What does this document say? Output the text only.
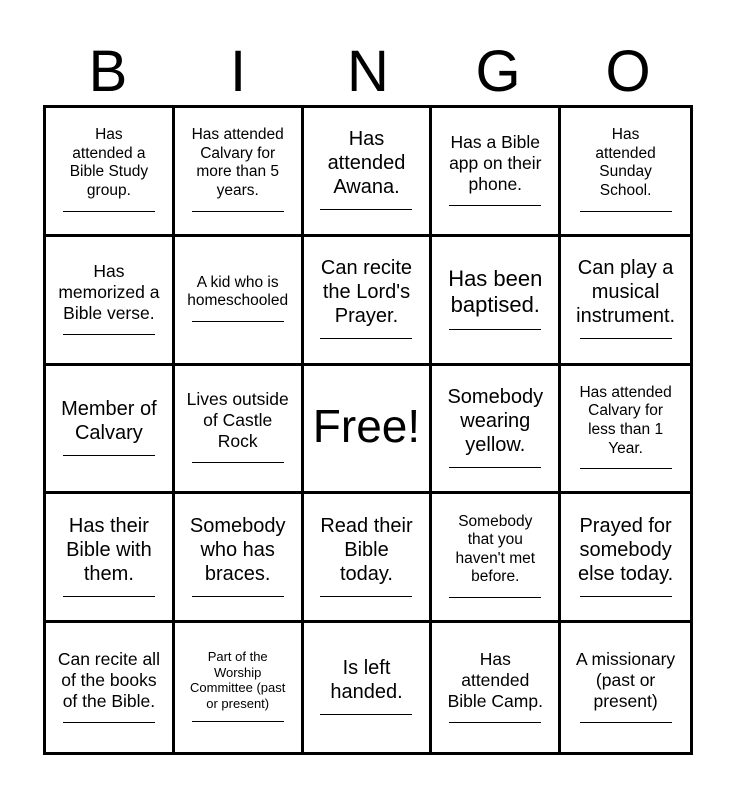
B	I	N	G	O
Has
attended a
Bible Study
group.
Has attended
Calvary for
more than 5
years.
Has
attended
Awana.
Has a Bible
app on their
phone.
Has
attended
Sunday
School.
Has
memorized a
Bible verse.
A kid who is
homeschooled
Can recite
the Lord's
Prayer.
Has been
baptised.
Can play a
musical
instrument.
Member of
Calvary
Lives outside
of Castle
Rock	Free!
Somebody
wearing
yellow.
Has attended
Calvary for
less than 1
Year.
Has their
Bible with
them.
Somebody
who has
braces.
Read their
Bible
today.
Somebody
that you
haven't met
before.
Prayed for
somebody
else today.
Can recite all
of the books
of the Bible.
Part of the
Worship
Committee (past
or present)
Is left
handed.
Has
attended
Bible Camp.
A missionary
(past or
present)
